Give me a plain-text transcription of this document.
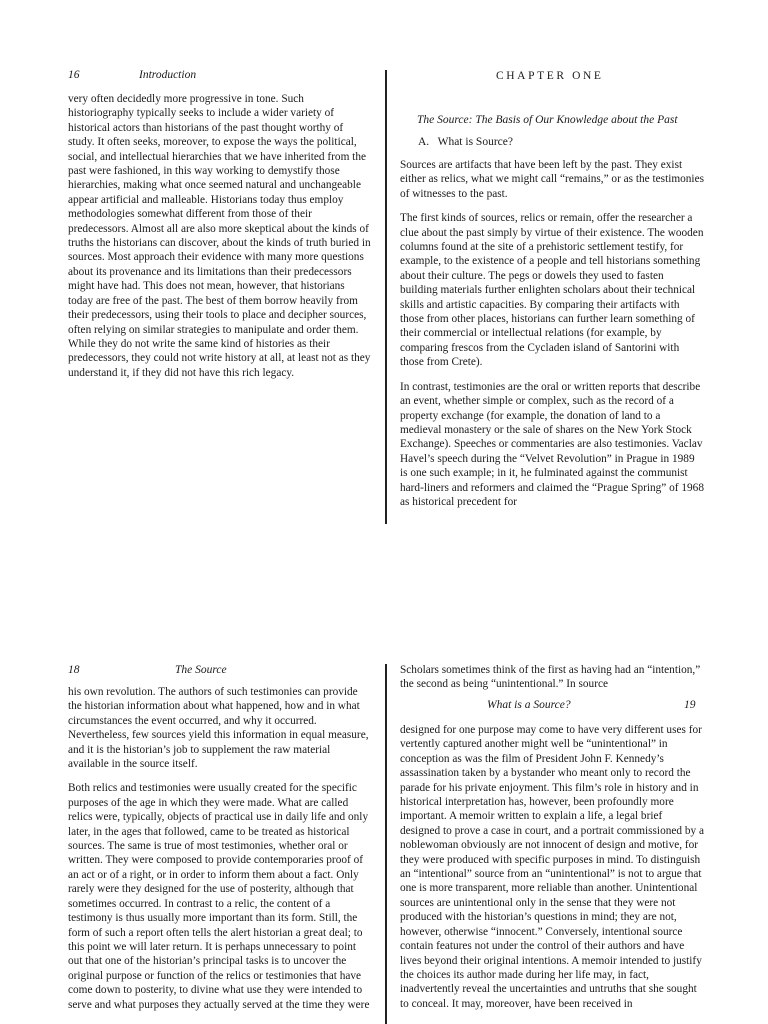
16	Introduction

very often decidedly more progressive in tone. Such historiography typically seeks to include a wider variety of historical actors than historians of the past thought worthy of study. It often seeks, moreover, to expose the ways the political, social, and intellectual hierarchies that we have inherited from the past were fashioned, in this way working to demystify those hierarchies, making what once seemed natural and unchangeable appear artificial and malleable. Historians today thus employ methodologies somewhat different from those of their predecessors. Almost all are also more skeptical about the kinds of truths the historians can discover, about the kinds of truth buried in sources. Most approach their evidence with many more questions about its provenance and its limitations than their predecessors might have had. This does not mean, however, that historians today are free of the past. The best of them borrow heavily from their predecessors, using their tools to place and decipher sources, often relying on similar strategies to manipulate and order them. While they do not write the same kind of histories as their predecessors, they could not write history at all, at least not as they understand it, if they did not have this rich legacy.

CHAPTER ONE
The Source: The Basis of Our Knowledge about the Past
A.   What is Source?

Sources are artifacts that have been left by the past. They exist either as relics, what we might call “remains,” or as the testimonies of witnesses to the past.

The first kinds of sources, relics or remain, offer the researcher a clue about the past simply by virtue of their existence. The wooden columns found at the site of a prehistoric settlement testify, for example, to the existence of a people and tell historians something about their culture. The pegs or dowels they used to fasten building materials further enlighten scholars about their technical skills and artistic capacities. By comparing their artifacts with those from other places, historians can further learn something of their commercial or intellectual relations (for example, by comparing frescos from the Cycladen island of Santorini with those from Crete).

In contrast, testimonies are the oral or written reports that describe an event, whether simple or complex, such as the record of a property exchange (for example, the donation of land to a medieval monastery or the sale of shares on the New York Stock Exchange). Speeches or commentaries are also testimonies. Vaclav Havel’s speech during the “Velvet Revolution” in Prague in 1989 is one such example; in it, he fulminated against the communist hard-liners and reformers and claimed the “Prague Spring” of 1968 as historical precedent for

18	The Source

his own revolution. The authors of such testimonies can provide the historian information about what happened, how and in what circumstances the event occurred, and why it occurred. Nevertheless, few sources yield this information in equal measure, and it is the historian’s job to supplement the raw material available in the source itself.

Both relics and testimonies were usually created for the specific purposes of the age in which they were made. What are called relics were, typically, objects of practical use in daily life and only later, in the ages that followed, came to be treated as historical sources. The same is true of most testimonies, whether oral or written. They were composed to provide contemporaries proof of an act or of a right, or in order to inform them about a fact. Only rarely were they designed for the use of posterity, although that sometimes occurred. In contrast to a relic, the content of a testimony is thus usually more important than its form. Still, the form of such a report often tells the alert historian a great deal; to this point we will later return. It is perhaps unnecessary to point out that one of the historian’s principal tasks is to uncover the original purpose or function of the relics or testimonies that have come down to posterity, to divine what use they were intended to serve and what purposes they actually served at the time they were

Scholars sometimes think of the first as having had an “intention,” the second as being “unintentional.” In source

What is a Source?	19

designed for one purpose may come to have very different uses for vertently captured another might well be “unintentional” in conception as was the film of President John F. Kennedy’s assassination taken by a bystander who meant only to record the parade for his private enjoyment. This film’s role in history and in historical interpretation has, however, been profoundly more important. A memoir written to explain a life, a legal brief designed to prove a case in court, and a portrait commissioned by a noblewoman obviously are not innocent of design and motive, for they were produced with specific purposes in mind. To distinguish an “intentional” source from an “unintentional” is not to argue that one is more transparent, more reliable than another. Unintentional sources are unintentional only in the sense that they were not produced with the historian’s questions in mind; they are not, however, otherwise “innocent.” Conversely, intentional source contain features not under the control of their authors and have lives beyond their original intentions. A memoir intended to justify the choices its author made during her life may, in fact, inadvertently reveal the uncertainties and untruths that she sought to conceal. It may, moreover, have been received in
